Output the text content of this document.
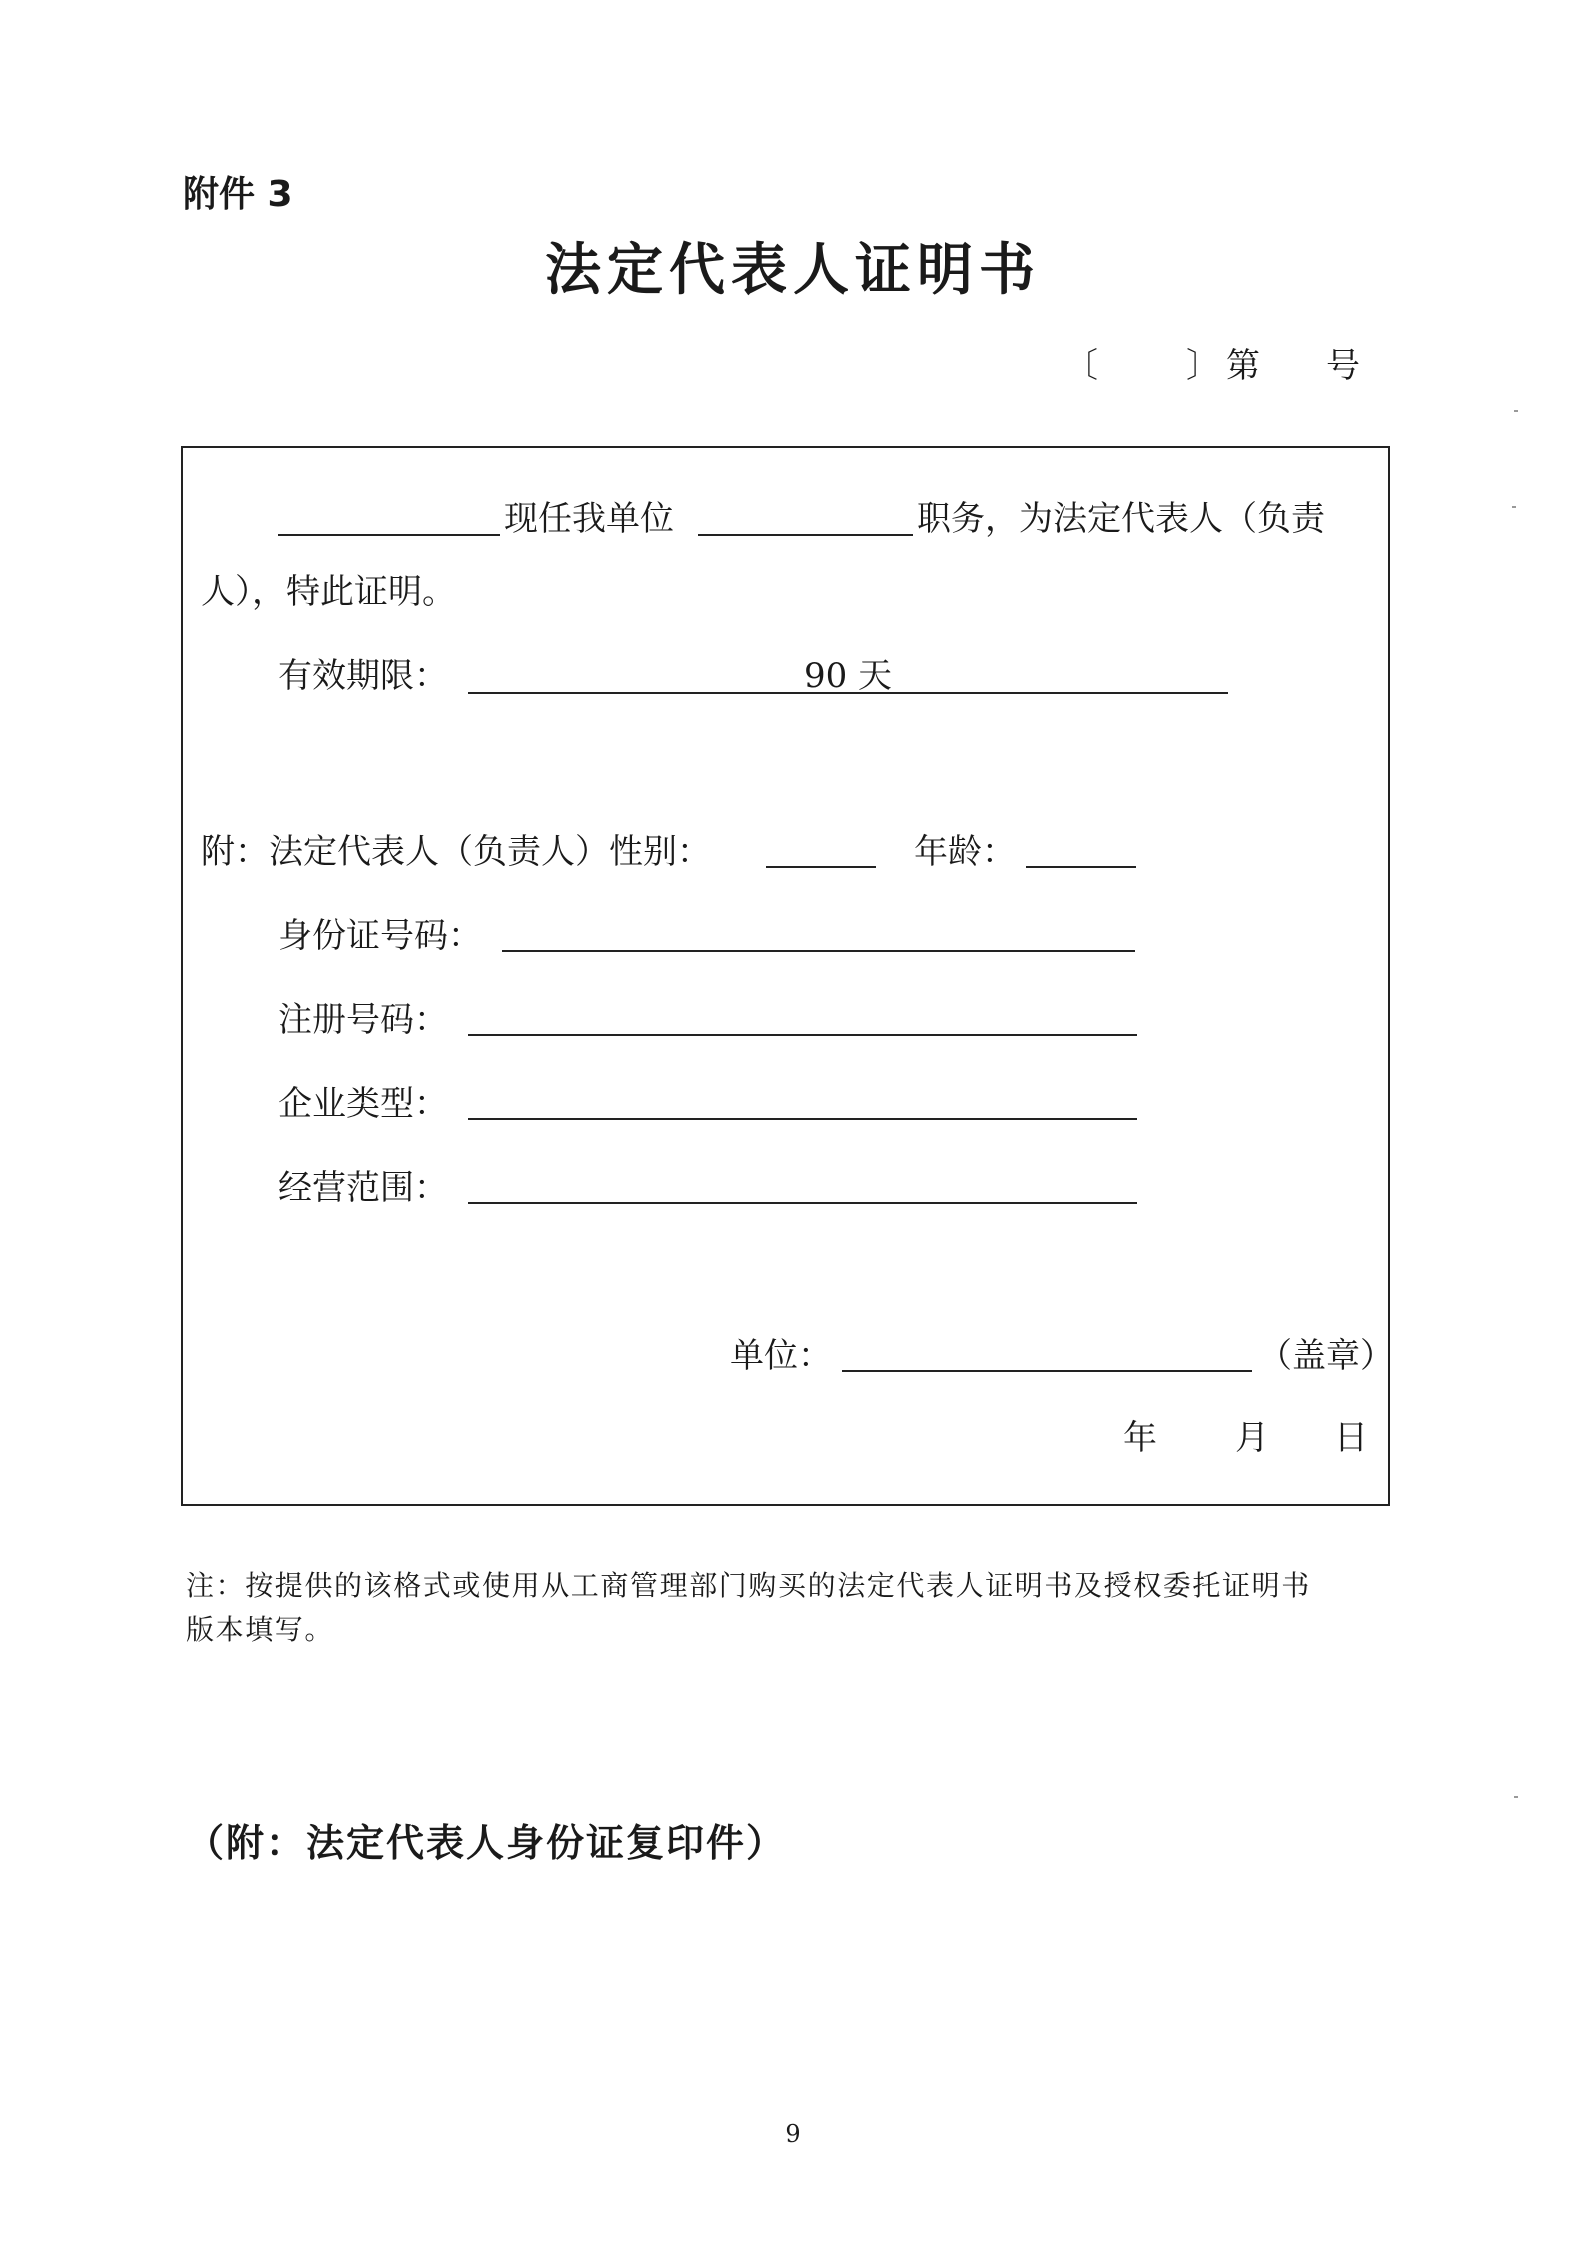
附件 3
法定代表人证明书
〔	〕 第 号
现任我单位	职务，为法定代表人（负责
人），特此证明。
有效期限：	90 天
附：法定代表人（负责人）性别：	年龄：
身份证号码：
注册号码：
企业类型：
经营范围：
单位：	（盖章）
年 月 日
注：按提供的该格式或使用从工商管理部门购买的法定代表人证明书及授权委托证明书
版本填写。
（附：法定代表人身份证复印件）
9
